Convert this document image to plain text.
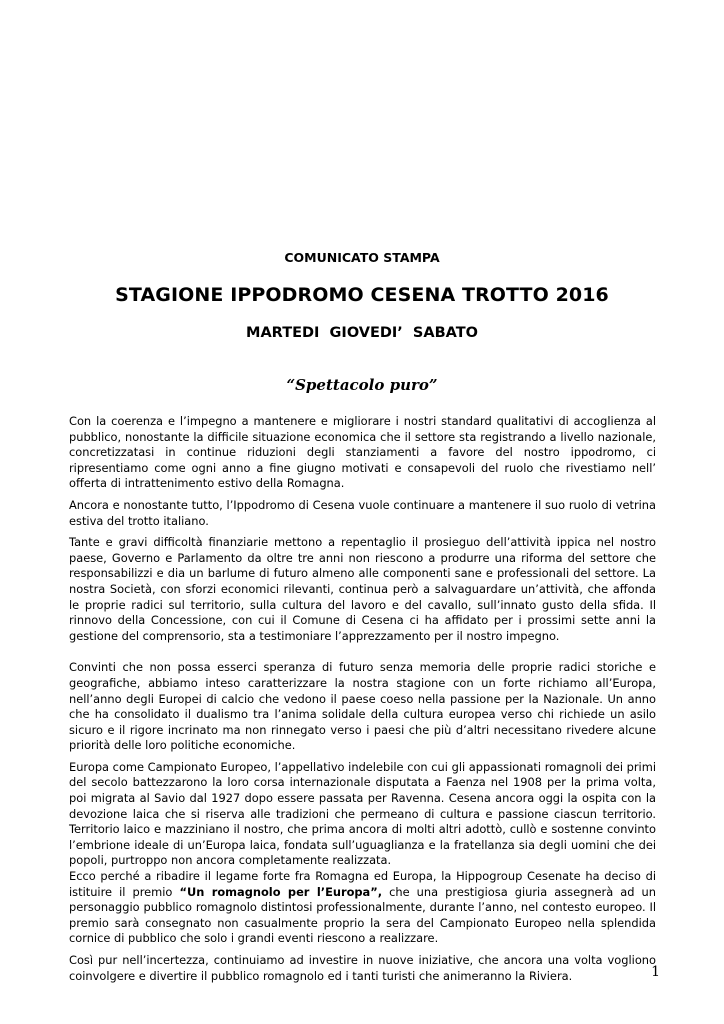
COMUNICATO STAMPA
STAGIONE IPPODROMO CESENA TROTTO 2016
MARTEDI  GIOVEDI’  SABATO
“Spettacolo puro”

Con la coerenza e l’impegno a mantenere e migliorare i nostri standard qualitativi di accoglienza al pubblico, nonostante la difficile situazione economica che il settore sta registrando a livello nazionale, concretizzatasi in continue riduzioni degli stanziamenti a favore del nostro ippodromo, ci ripresentiamo come ogni anno a fine giugno motivati e consapevoli del ruolo che rivestiamo nell’ offerta di intrattenimento estivo della Romagna.

Ancora e nonostante tutto, l’Ippodromo di Cesena vuole continuare a mantenere il suo ruolo di vetrina estiva del trotto italiano.

Tante e gravi difficoltà finanziarie mettono a repentaglio il prosieguo dell’attività ippica nel nostro paese, Governo e Parlamento da oltre tre anni non riescono a produrre una riforma del settore che responsabilizzi e dia un barlume di futuro almeno alle componenti sane e professionali del settore. La nostra Società, con sforzi economici rilevanti, continua però a salvaguardare un’attività, che affonda le proprie radici sul territorio, sulla cultura del lavoro e del cavallo, sull’innato gusto della sfida. Il rinnovo della Concessione, con cui il Comune di Cesena ci ha affidato per i prossimi sette anni la gestione del comprensorio, sta a testimoniare l’apprezzamento per il nostro impegno.

Convinti che non possa esserci speranza di futuro senza memoria delle proprie radici storiche e geografiche, abbiamo inteso caratterizzare la nostra stagione con un forte richiamo all’Europa, nell’anno degli Europei di calcio che vedono il paese coeso nella passione per la Nazionale. Un anno che ha consolidato il dualismo tra l’anima solidale della cultura europea verso chi richiede un asilo sicuro e il rigore incrinato ma non rinnegato verso i paesi che più d’altri necessitano rivedere alcune priorità delle loro politiche economiche.

Europa come Campionato Europeo, l’appellativo indelebile con cui gli appassionati romagnoli dei primi del secolo battezzarono la loro corsa internazionale disputata a Faenza nel 1908 per la prima volta, poi migrata al Savio dal 1927 dopo essere passata per Ravenna. Cesena ancora oggi la ospita con la devozione laica che si riserva alle tradizioni che permeano di cultura e passione ciascun territorio. Territorio laico e mazziniano il nostro, che prima ancora di molti altri adottò, cullò e sostenne convinto l’embrione ideale di un’Europa laica, fondata sull’uguaglianza e la fratellanza sia degli uomini che dei popoli, purtroppo non ancora completamente realizzata.

Ecco perché a ribadire il legame forte fra Romagna ed Europa, la Hippogroup Cesenate ha deciso di istituire il premio “Un romagnolo per l’Europa”, che una prestigiosa giuria assegnerà ad un personaggio pubblico romagnolo distintosi professionalmente, durante l’anno, nel contesto europeo. Il premio sarà consegnato non casualmente proprio la sera del Campionato Europeo nella splendida cornice di pubblico che solo i grandi eventi riescono a realizzare.

Così pur nell’incertezza, continuiamo ad investire in nuove iniziative, che ancora una volta vogliono coinvolgere e divertire il pubblico romagnolo ed i tanti turisti che animeranno la Riviera.	1
